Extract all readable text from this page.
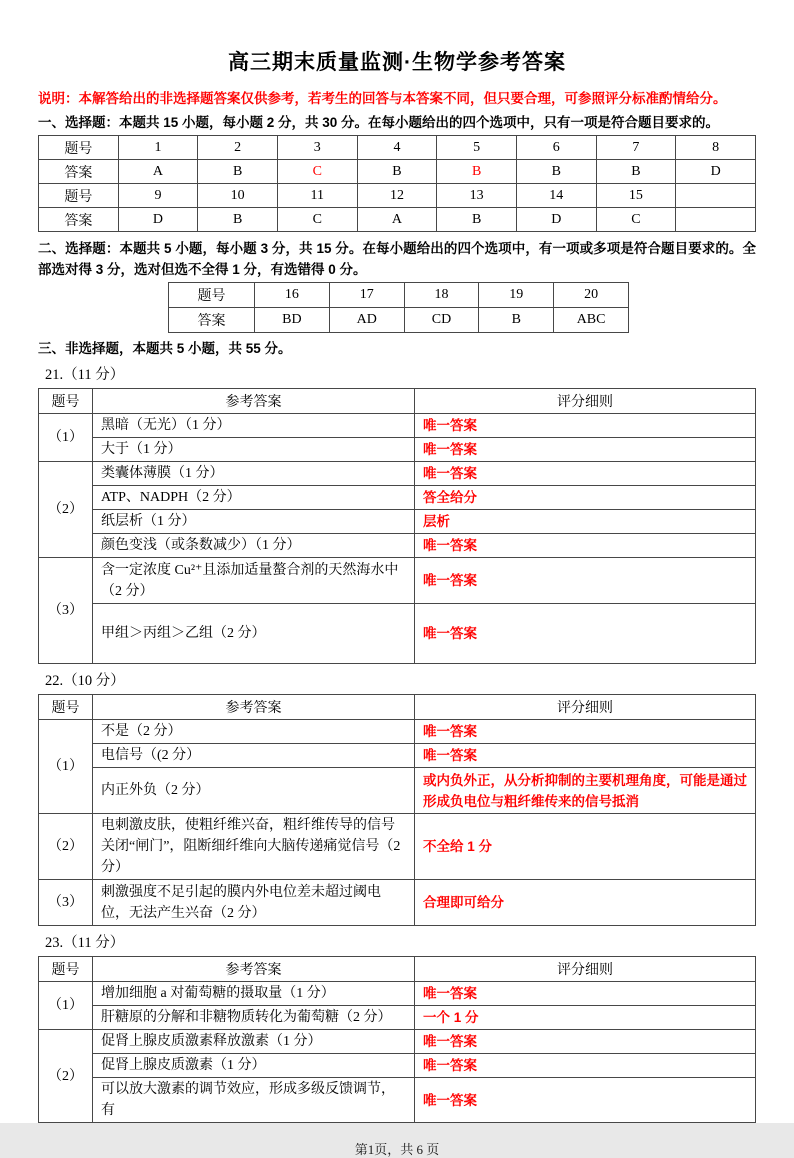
高三期末质量监测·生物学参考答案

说明：本解答给出的非选择题答案仅供参考，若考生的回答与本答案不同，但只要合理，可参照评分标准酌情给分。

一、选择题：本题共 15 小题，每小题 2 分，共 30 分。在每小题给出的四个选项中，只有一项是符合题目要求的。

题号	1	2	3	4	5	6	7	8
答案	A	B	C	B	B	B	B	D
题号	9	10	11	12	13	14	15	
答案	D	B	C	A	B	D	C	

二、选择题：本题共 5 小题，每小题 3 分，共 15 分。在每小题给出的四个选项中，有一项或多项是符合题目要求的。全部选对得 3 分，选对但选不全得 1 分，有选错得 0 分。

题号	16	17	18	19	20
答案	BD	AD	CD	B	ABC

三、非选择题，本题共 5 小题，共 55 分。

21.（11 分）

题号	参考答案	评分细则
（1）	黑暗（无光）（1 分）	唯一答案
	大于（1 分）	唯一答案
（2）	类囊体薄膜（1 分）	唯一答案
	ATP、NADPH（2 分）	答全给分
	纸层析（1 分）	层析
	颜色变浅（或条数减少）（1 分）	唯一答案
（3）	含一定浓度 Cu²⁺且添加适量螯合剂的天然海水中（2 分）	唯一答案
	甲组＞丙组＞乙组（2 分）	唯一答案

22.（10 分）

题号	参考答案	评分细则
（1）	不是（2 分）	唯一答案
	电信号（(2 分）	唯一答案
	内正外负（2 分）	或内负外正，从分析抑制的主要机理角度，可能是通过形成负电位与粗纤维传来的信号抵消
（2）	电刺激皮肤，使粗纤维兴奋，粗纤维传导的信号关闭“闸门”，阻断细纤维向大脑传递痛觉信号（2 分）	不全给 1 分
（3）	刺激强度不足引起的膜内外电位差未超过阈电位，无法产生兴奋（2 分）	合理即可给分

23.（11 分）

题号	参考答案	评分细则
（1）	增加细胞 a 对葡萄糖的摄取量（1 分）	唯一答案
	肝糖原的分解和非糖物质转化为葡萄糖（2 分）	一个 1 分
（2）	促肾上腺皮质激素释放激素（1 分）	唯一答案
	促肾上腺皮质激素（1 分）	唯一答案
	可以放大激素的调节效应，形成多级反馈调节，有	唯一答案

第1页，共 6 页
